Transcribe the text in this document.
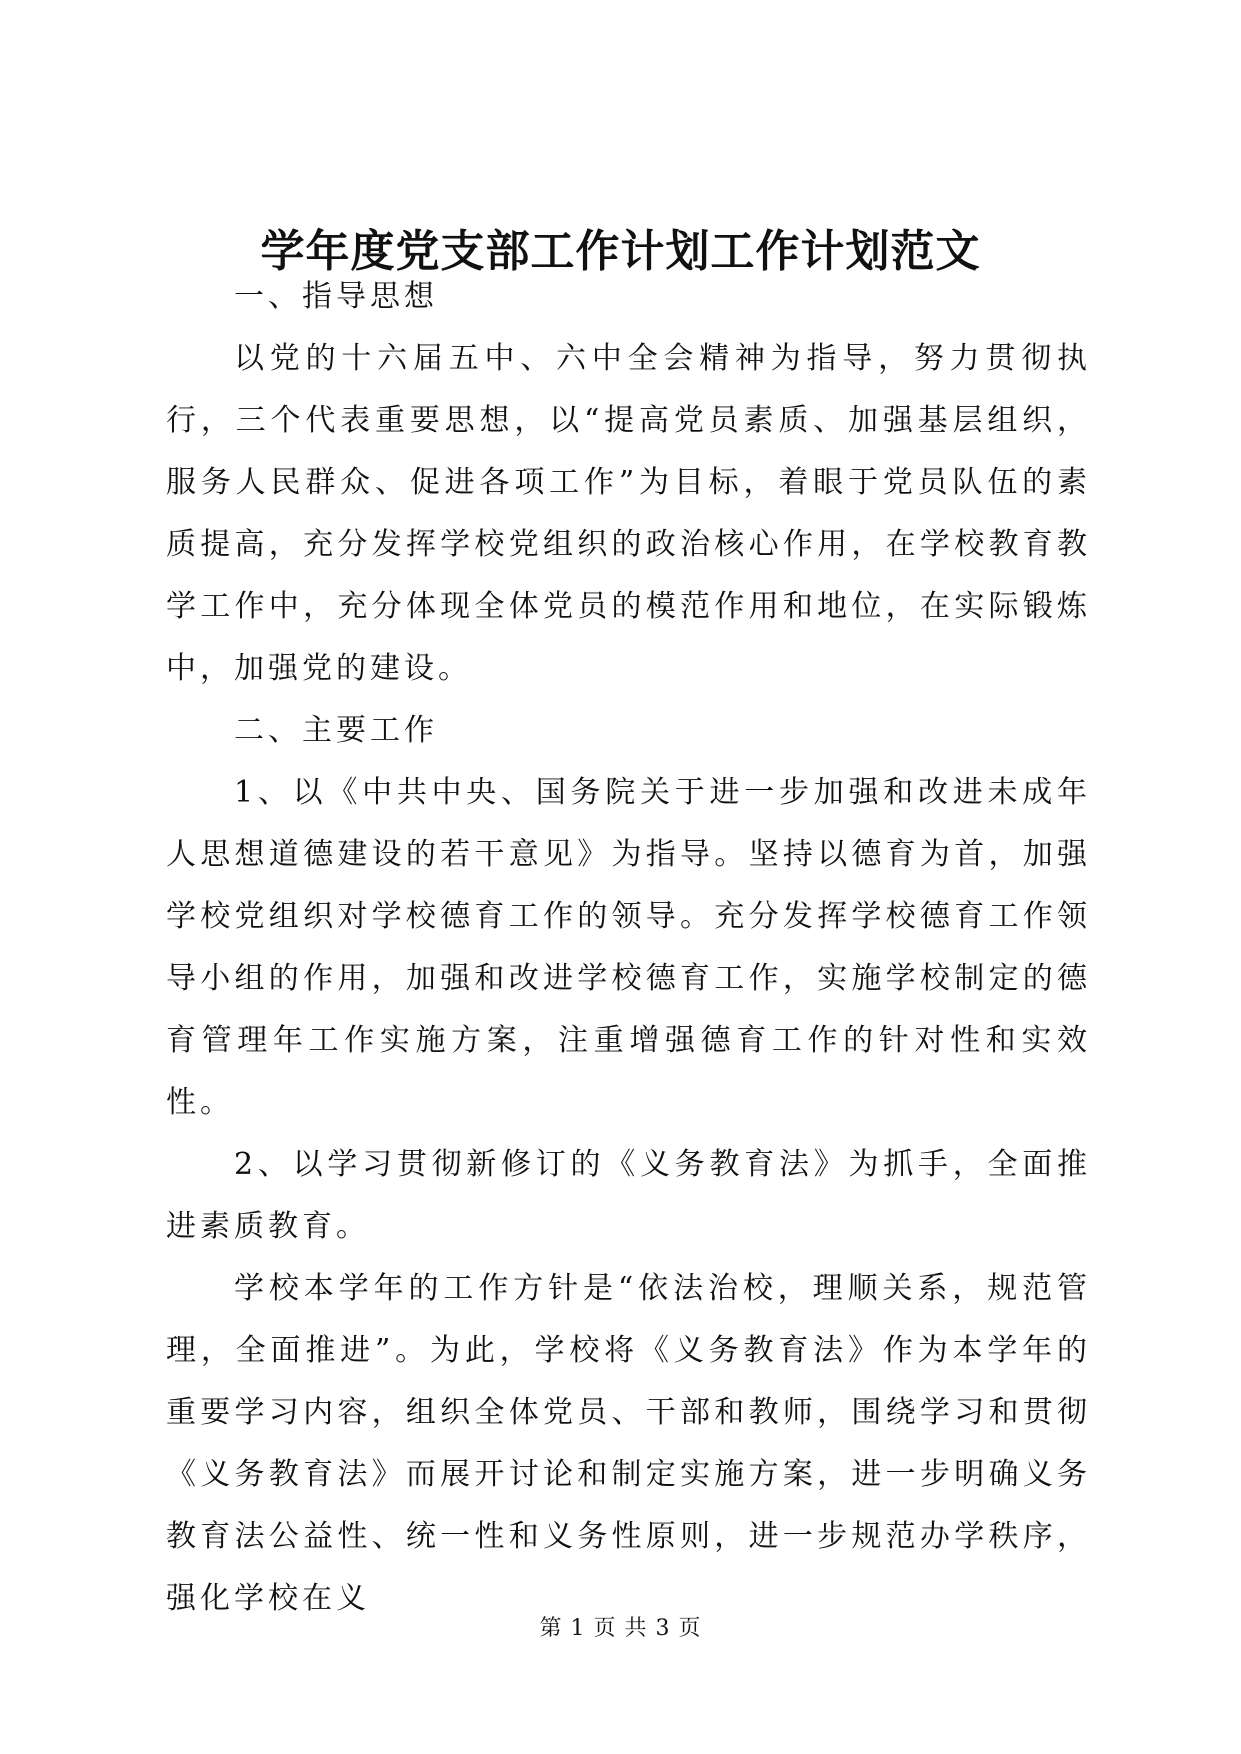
学年度党支部工作计划工作计划范文

一、指导思想

以党的十六届五中、六中全会精神为指导，努力贯彻执行，三个代表重要思想，以“提高党员素质、加强基层组织，服务人民群众、促进各项工作”为目标，着眼于党员队伍的素质提高，充分发挥学校党组织的政治核心作用，在学校教育教学工作中，充分体现全体党员的模范作用和地位，在实际锻炼中，加强党的建设。

二、主要工作

1、以《中共中央、国务院关于进一步加强和改进未成年人思想道德建设的若干意见》为指导。坚持以德育为首，加强学校党组织对学校德育工作的领导。充分发挥学校德育工作领导小组的作用，加强和改进学校德育工作，实施学校制定的德育管理年工作实施方案，注重增强德育工作的针对性和实效性。

2、以学习贯彻新修订的《义务教育法》为抓手，全面推进素质教育。

学校本学年的工作方针是“依法治校，理顺关系，规范管理，全面推进”。为此，学校将《义务教育法》作为本学年的重要学习内容，组织全体党员、干部和教师，围绕学习和贯彻《义务教育法》而展开讨论和制定实施方案，进一步明确义务教育法公益性、统一性和义务性原则，进一步规范办学秩序，强化学校在义

第 1 页 共 3 页
